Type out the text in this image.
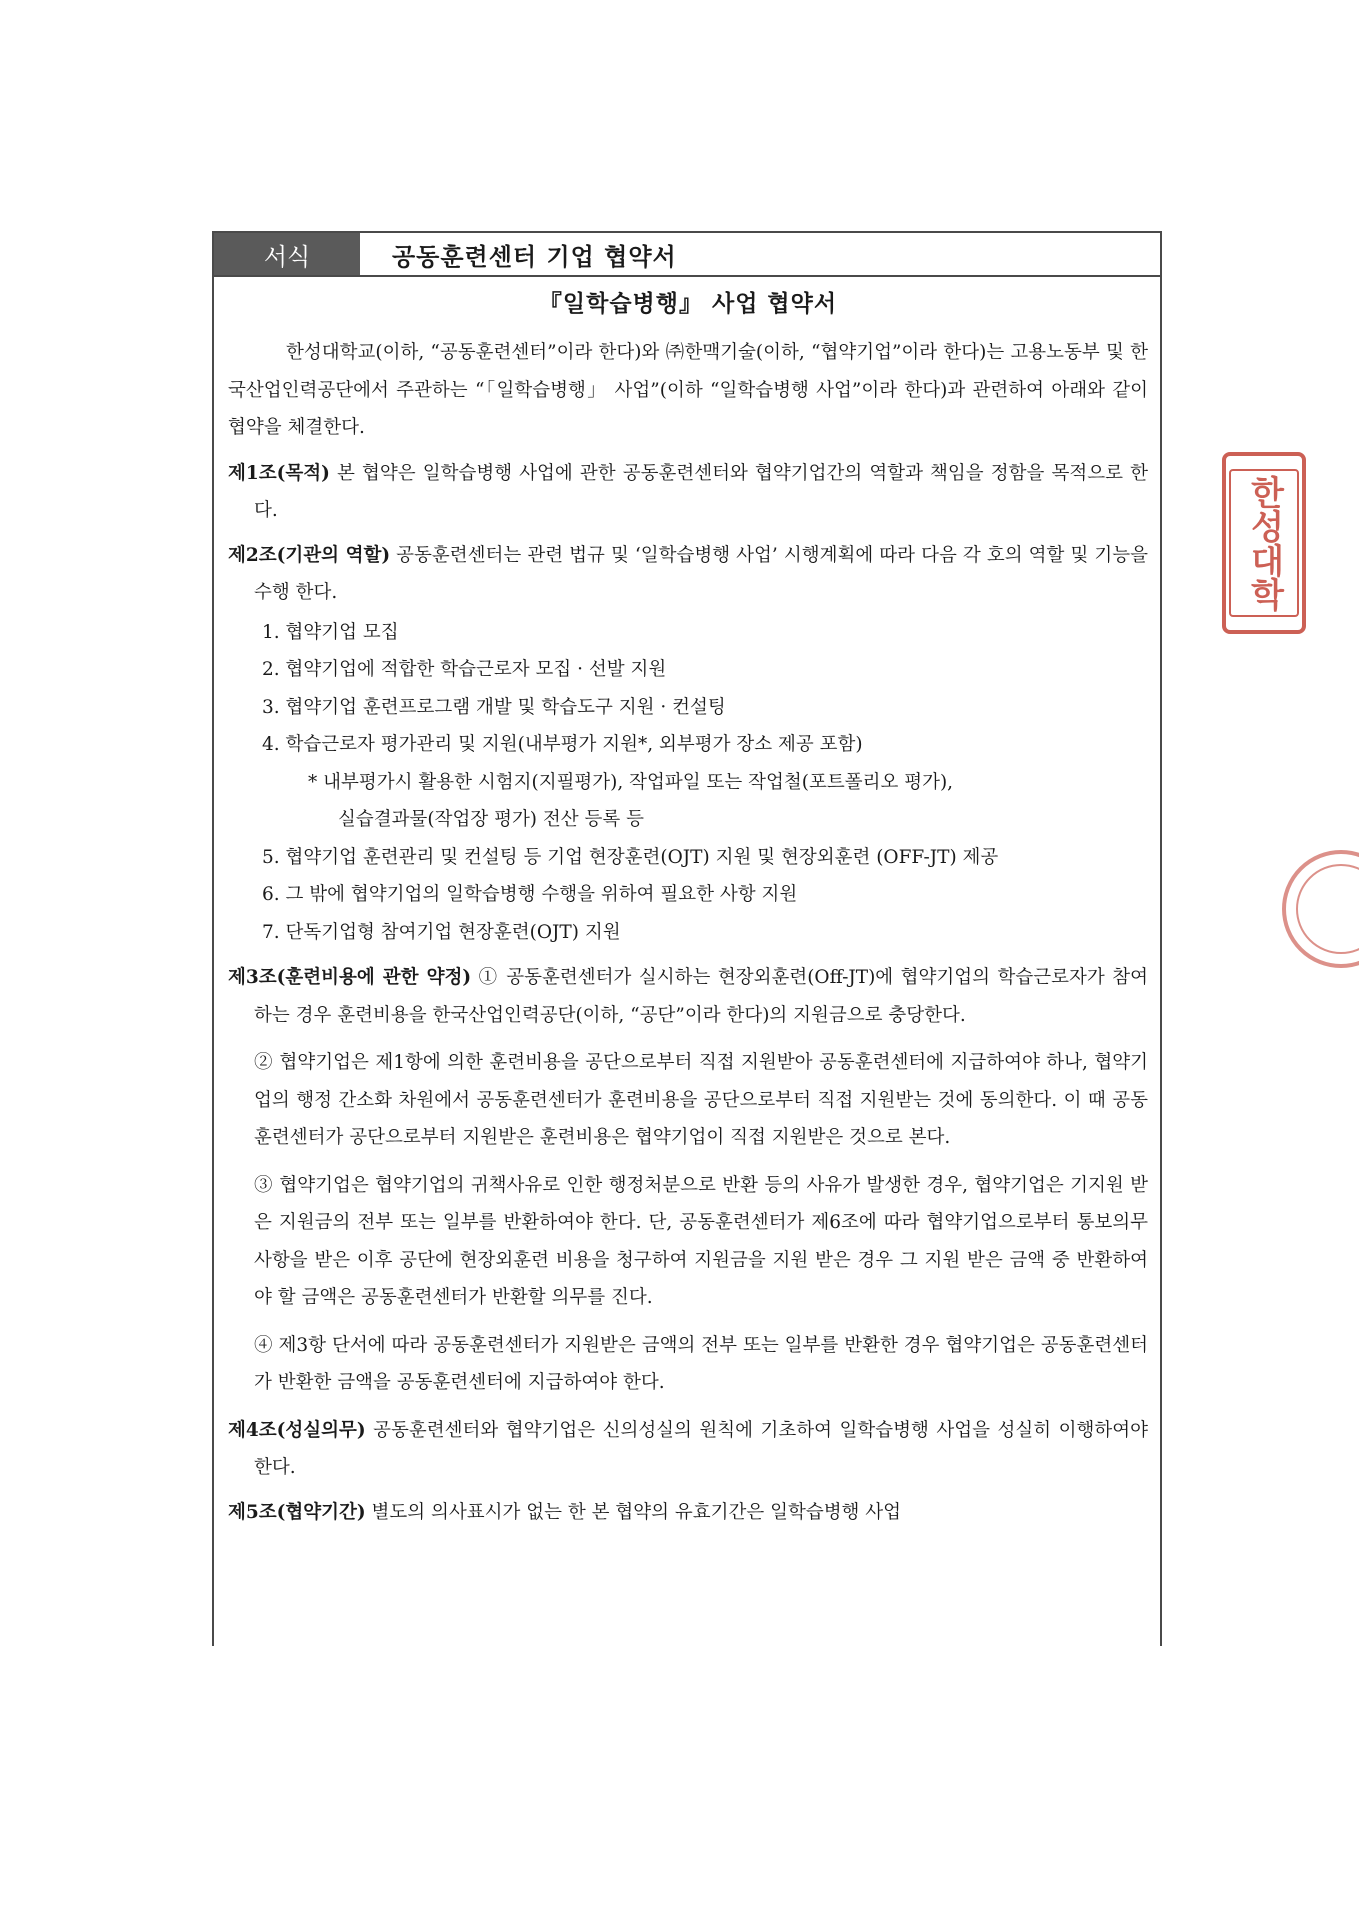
서식	공동훈련센터 기업 협약서
『일학습병행』 사업 협약서

한성대학교(이하, “공동훈련센터”이라 한다)와 ㈜한맥기술(이하, “협약기업”이라 한다)는 고용노동부 및 한국산업인력공단에서 주관하는 “「일학습병행」 사업”(이하 “일학습병행 사업”이라 한다)과 관련하여 아래와 같이 협약을 체결한다.

제1조(목적) 본 협약은 일학습병행 사업에 관한 공동훈련센터와 협약기업간의 역할과 책임을 정함을 목적으로 한다.

제2조(기관의 역할) 공동훈련센터는 관련 법규 및 ‘일학습병행 사업’ 시행계획에 따라 다음 각 호의 역할 및 기능을 수행 한다.

1. 협약기업 모집
2. 협약기업에 적합한 학습근로자 모집 · 선발 지원
3. 협약기업 훈련프로그램 개발 및 학습도구 지원 · 컨설팅
4. 학습근로자 평가관리 및 지원(내부평가 지원*, 외부평가 장소 제공 포함)
* 내부평가시 활용한 시험지(지필평가), 작업파일 또는 작업철(포트폴리오 평가),
실습결과물(작업장 평가) 전산 등록 등
5. 협약기업 훈련관리 및 컨설팅 등 기업 현장훈련(OJT) 지원 및 현장외훈련 (OFF-JT) 제공
6. 그 밖에 협약기업의 일학습병행 수행을 위하여 필요한 사항 지원
7. 단독기업형 참여기업 현장훈련(OJT) 지원

제3조(훈련비용에 관한 약정) ① 공동훈련센터가 실시하는 현장외훈련(Off-JT)에 협약기업의 학습근로자가 참여하는 경우 훈련비용을 한국산업인력공단(이하, “공단”이라 한다)의 지원금으로 충당한다.

② 협약기업은 제1항에 의한 훈련비용을 공단으로부터 직접 지원받아 공동훈련센터에 지급하여야 하나, 협약기업의 행정 간소화 차원에서 공동훈련센터가 훈련비용을 공단으로부터 직접 지원받는 것에 동의한다. 이 때 공동훈련센터가 공단으로부터 지원받은 훈련비용은 협약기업이 직접 지원받은 것으로 본다.

③ 협약기업은 협약기업의 귀책사유로 인한 행정처분으로 반환 등의 사유가 발생한 경우, 협약기업은 기지원 받은 지원금의 전부 또는 일부를 반환하여야 한다. 단, 공동훈련센터가 제6조에 따라 협약기업으로부터 통보의무 사항을 받은 이후 공단에 현장외훈련 비용을 청구하여 지원금을 지원 받은 경우 그 지원 받은 금액 중 반환하여야 할 금액은 공동훈련센터가 반환할 의무를 진다.

④ 제3항 단서에 따라 공동훈련센터가 지원받은 금액의 전부 또는 일부를 반환한 경우 협약기업은 공동훈련센터가 반환한 금액을 공동훈련센터에 지급하여야 한다.

제4조(성실의무) 공동훈련센터와 협약기업은 신의성실의 원칙에 기초하여 일학습병행 사업을 성실히 이행하여야 한다.

제5조(협약기간) 별도의 의사표시가 없는 한 본 협약의 유효기간은 일학습병행 사업

한성대학
